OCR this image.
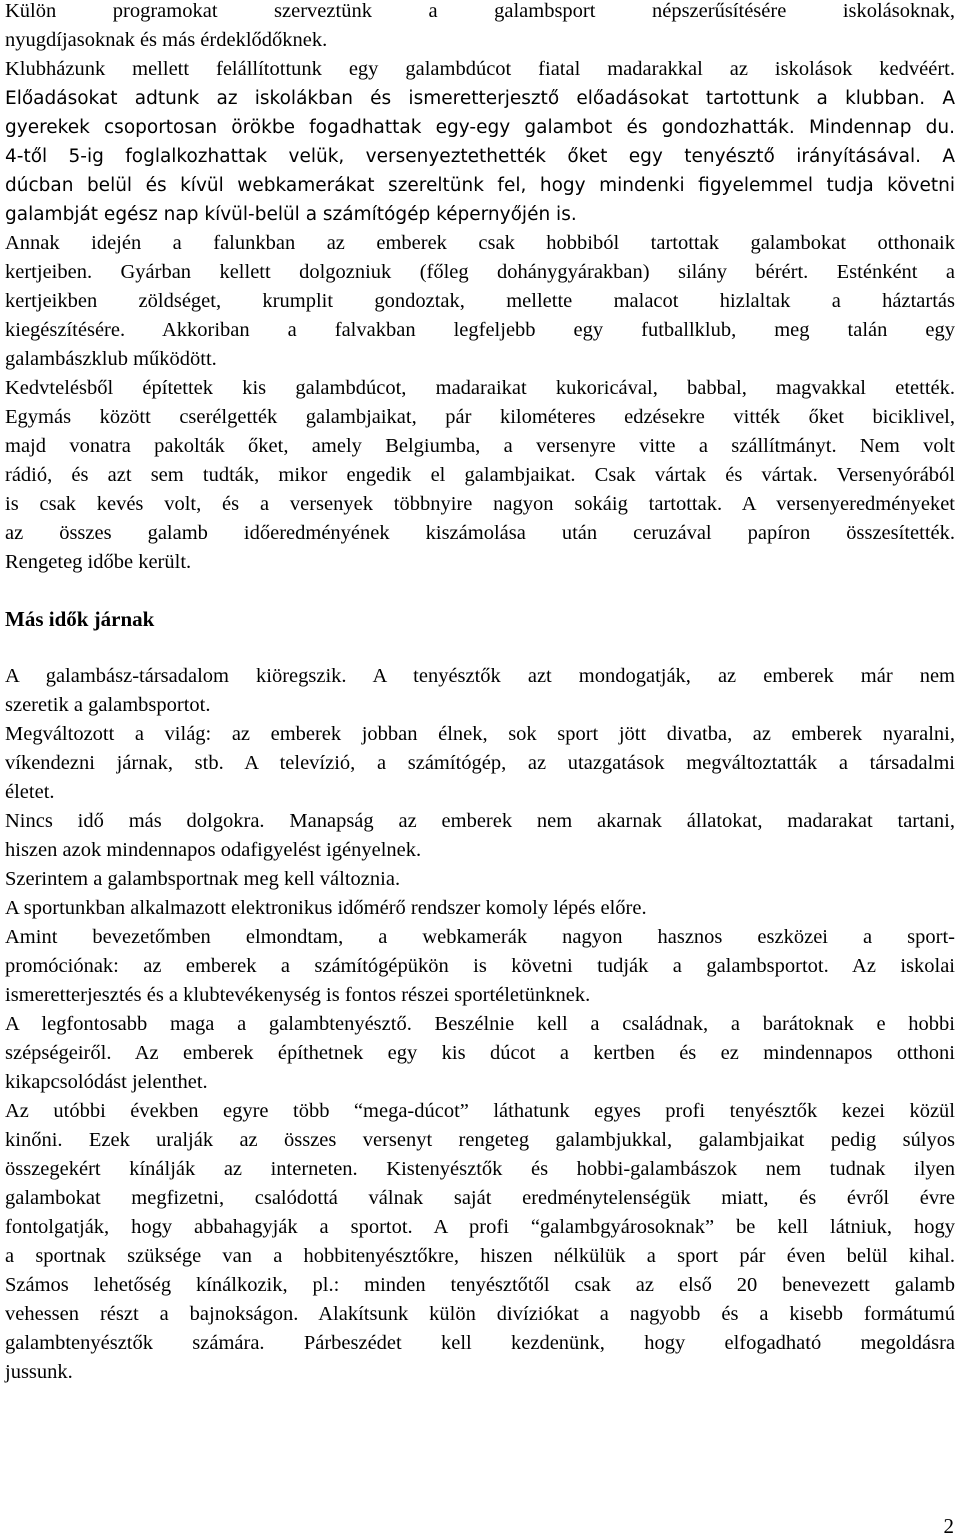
Külön programokat szerveztünk a galambsport népszerűsítésére iskolásoknak,
nyugdíjasoknak és más érdeklődőknek.
Klubházunk mellett felállítottunk egy galambdúcot fiatal madarakkal az iskolások kedvéért.
Előadásokat adtunk az iskolákban és ismeretterjesztő előadásokat tartottunk a klubban. A
gyerekek csoportosan örökbe fogadhattak egy-egy galambot és gondozhatták. Mindennap du.
4-től 5-ig foglalkozhattak velük, versenyeztethették őket egy tenyésztő irányításával. A
dúcban belül és kívül webkamerákat szereltünk fel, hogy mindenki figyelemmel tudja követni
galambját egész nap kívül-belül a számítógép képernyőjén is.
Annak idején a falunkban az emberek csak hobbiból tartottak galambokat otthonaik
kertjeiben. Gyárban kellett dolgozniuk (főleg dohánygyárakban) silány bérért. Esténként a
kertjeikben zöldséget, krumplit gondoztak, mellette malacot hizlaltak a háztartás
kiegészítésére. Akkoriban a falvakban legfeljebb egy futballklub, meg talán egy
galambászklub működött.
Kedvtelésből építettek kis galambdúcot, madaraikat kukoricával, babbal, magvakkal etették.
Egymás között cserélgették galambjaikat, pár kilométeres edzésekre vitték őket biciklivel,
majd vonatra pakolták őket, amely Belgiumba, a versenyre vitte a szállítmányt. Nem volt
rádió, és azt sem tudták, mikor engedik el galambjaikat. Csak vártak és vártak. Versenyórából
is csak kevés volt, és a versenyek többnyire nagyon sokáig tartottak. A versenyeredményeket
az összes galamb időeredményének kiszámolása után ceruzával papíron összesítették.
Rengeteg időbe került.
Más idők járnak
A galambász-társadalom kiöregszik. A tenyésztők azt mondogatják, az emberek már nem
szeretik a galambsportot.
Megváltozott a világ: az emberek jobban élnek, sok sport jött divatba, az emberek nyaralni,
víkendezni járnak, stb. A televízió, a számítógép, az utazgatások megváltoztatták a társadalmi
életet.
Nincs idő más dolgokra. Manapság az emberek nem akarnak állatokat, madarakat tartani,
hiszen azok mindennapos odafigyelést igényelnek.
Szerintem a galambsportnak meg kell változnia.
A sportunkban alkalmazott elektronikus időmérő rendszer komoly lépés előre.
Amint bevezetőmben elmondtam, a webkamerák nagyon hasznos eszközei a sport-
promóciónak: az emberek a számítógépükön is követni tudják a galambsportot. Az iskolai
ismeretterjesztés és a klubtevékenység is fontos részei sportéletünknek.
A legfontosabb maga a galambtenyésztő. Beszélnie kell a családnak, a barátoknak e hobbi
szépségeiről. Az emberek építhetnek egy kis dúcot a kertben és ez mindennapos otthoni
kikapcsolódást jelenthet.
Az utóbbi években egyre több “mega-dúcot” láthatunk egyes profi tenyésztők kezei közül
kinőni. Ezek uralják az összes versenyt rengeteg galambjukkal, galambjaikat pedig súlyos
összegekért kínálják az interneten. Kistenyésztők és hobbi-galambászok nem tudnak ilyen
galambokat megfizetni, csalódottá válnak saját eredménytelenségük miatt, és évről évre
fontolgatják, hogy abbahagyják a sportot. A profi “galambgyárosoknak” be kell látniuk, hogy
a sportnak szüksége van a hobbitenyésztőkre, hiszen nélkülük a sport pár éven belül kihal.
Számos lehetőség kínálkozik, pl.: minden tenyésztőtől csak az első 20 benevezett galamb
vehessen részt a bajnokságon. Alakítsunk külön divíziókat a nagyobb és a kisebb formátumú
galambtenyésztők számára. Párbeszédet kell kezdenünk, hogy elfogadható megoldásra
jussunk.
2
